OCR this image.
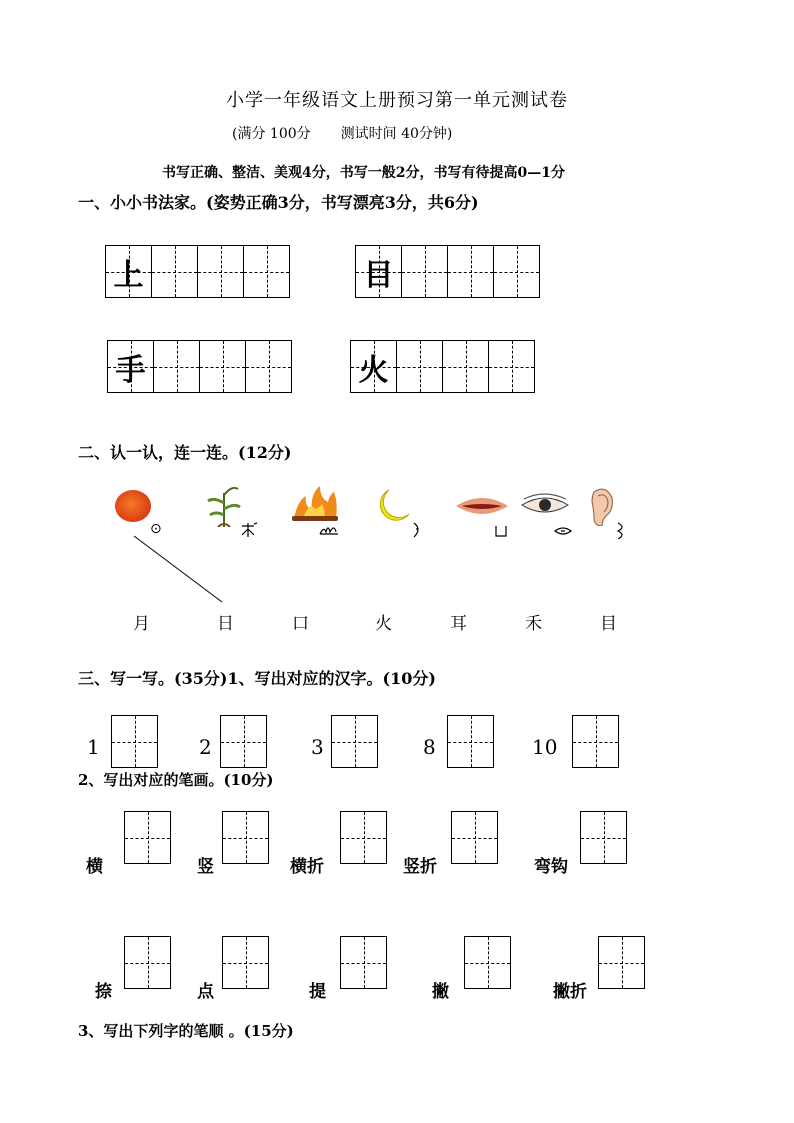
小学一年级语文上册预习第一单元测试卷
(满分 100分 测试时间 40分钟)
书写正确、整洁、美观4分，书写一般2分，书写有待提高0—1分
一、小小书法家。(姿势正确3分，书写漂亮3分，共6分)
上	目
手	火
二、认一认，连一连。(12分)
⊙
月	日	口	火	耳	禾	目
三、写一写。(35分)1、写出对应的汉字。(10分)
1	2	3	8	10
2、写出对应的笔画。(10分)
横	竖	横折	竖折	弯钩
捺	点	提	撇	撇折
3、写出下列字的笔顺 。(15分)
